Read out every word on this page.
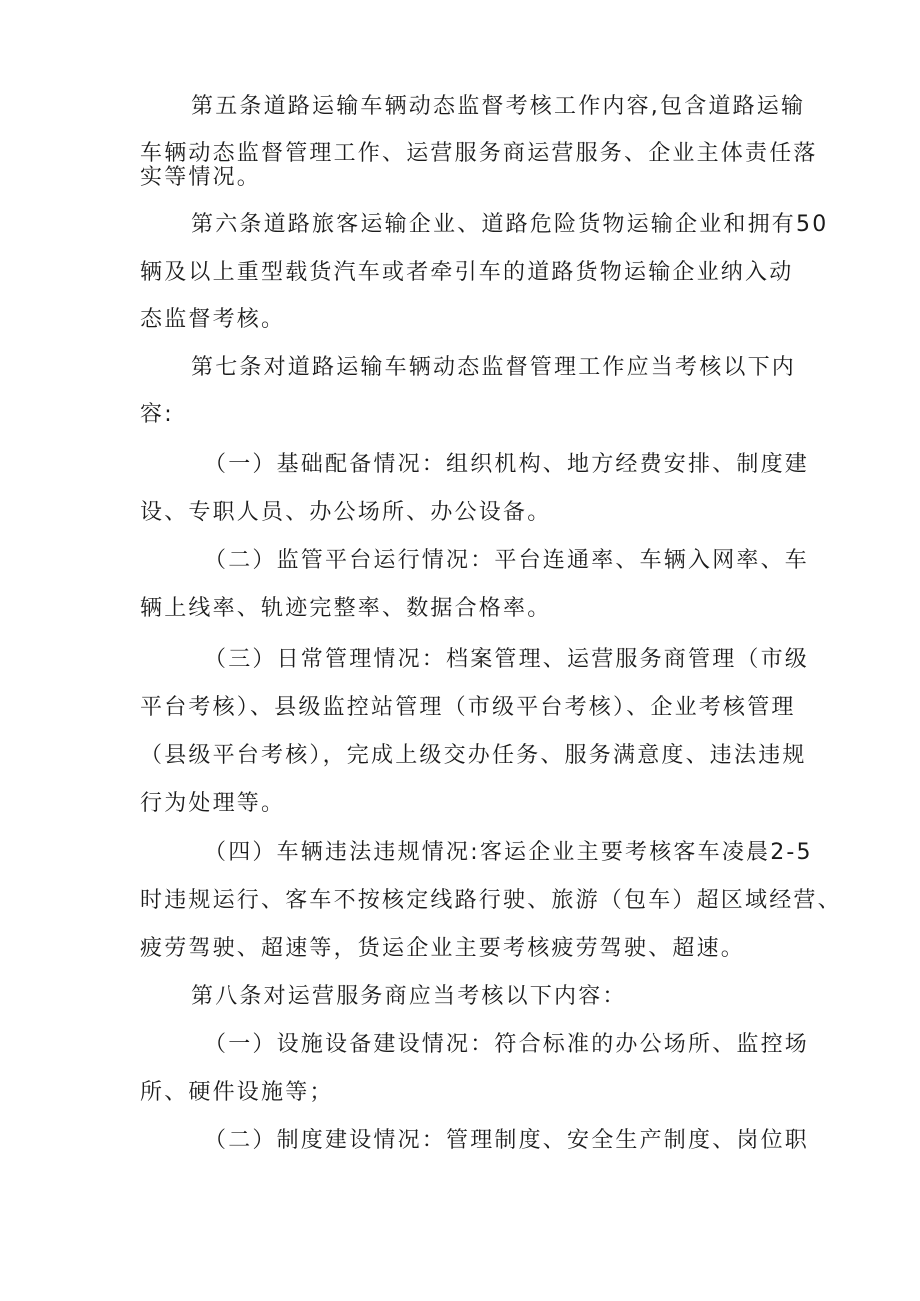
第五条道路运输车辆动态监督考核工作内容,包含道路运输
车辆动态监督管理工作、运营服务商运营服务、企业主体责任落
实等情况。
第六条道路旅客运输企业、道路危险货物运输企业和拥有50
辆及以上重型载货汽车或者牵引车的道路货物运输企业纳入动
态监督考核。
第七条对道路运输车辆动态监督管理工作应当考核以下内
容:
（一）基础配备情况：组织机构、地方经费安排、制度建
设、专职人员、办公场所、办公设备。
（二）监管平台运行情况：平台连通率、车辆入网率、车
辆上线率、轨迹完整率、数据合格率。
（三）日常管理情况：档案管理、运营服务商管理（市级
平台考核）、县级监控站管理（市级平台考核）、企业考核管理
（县级平台考核），完成上级交办任务、服务满意度、违法违规
行为处理等。
（四）车辆违法违规情况:客运企业主要考核客车凌晨2-5
时违规运行、客车不按核定线路行驶、旅游（包车）超区域经营、
疲劳驾驶、超速等，货运企业主要考核疲劳驾驶、超速。
第八条对运营服务商应当考核以下内容：
（一）设施设备建设情况：符合标准的办公场所、监控场
所、硬件设施等；
（二）制度建设情况：管理制度、安全生产制度、岗位职
